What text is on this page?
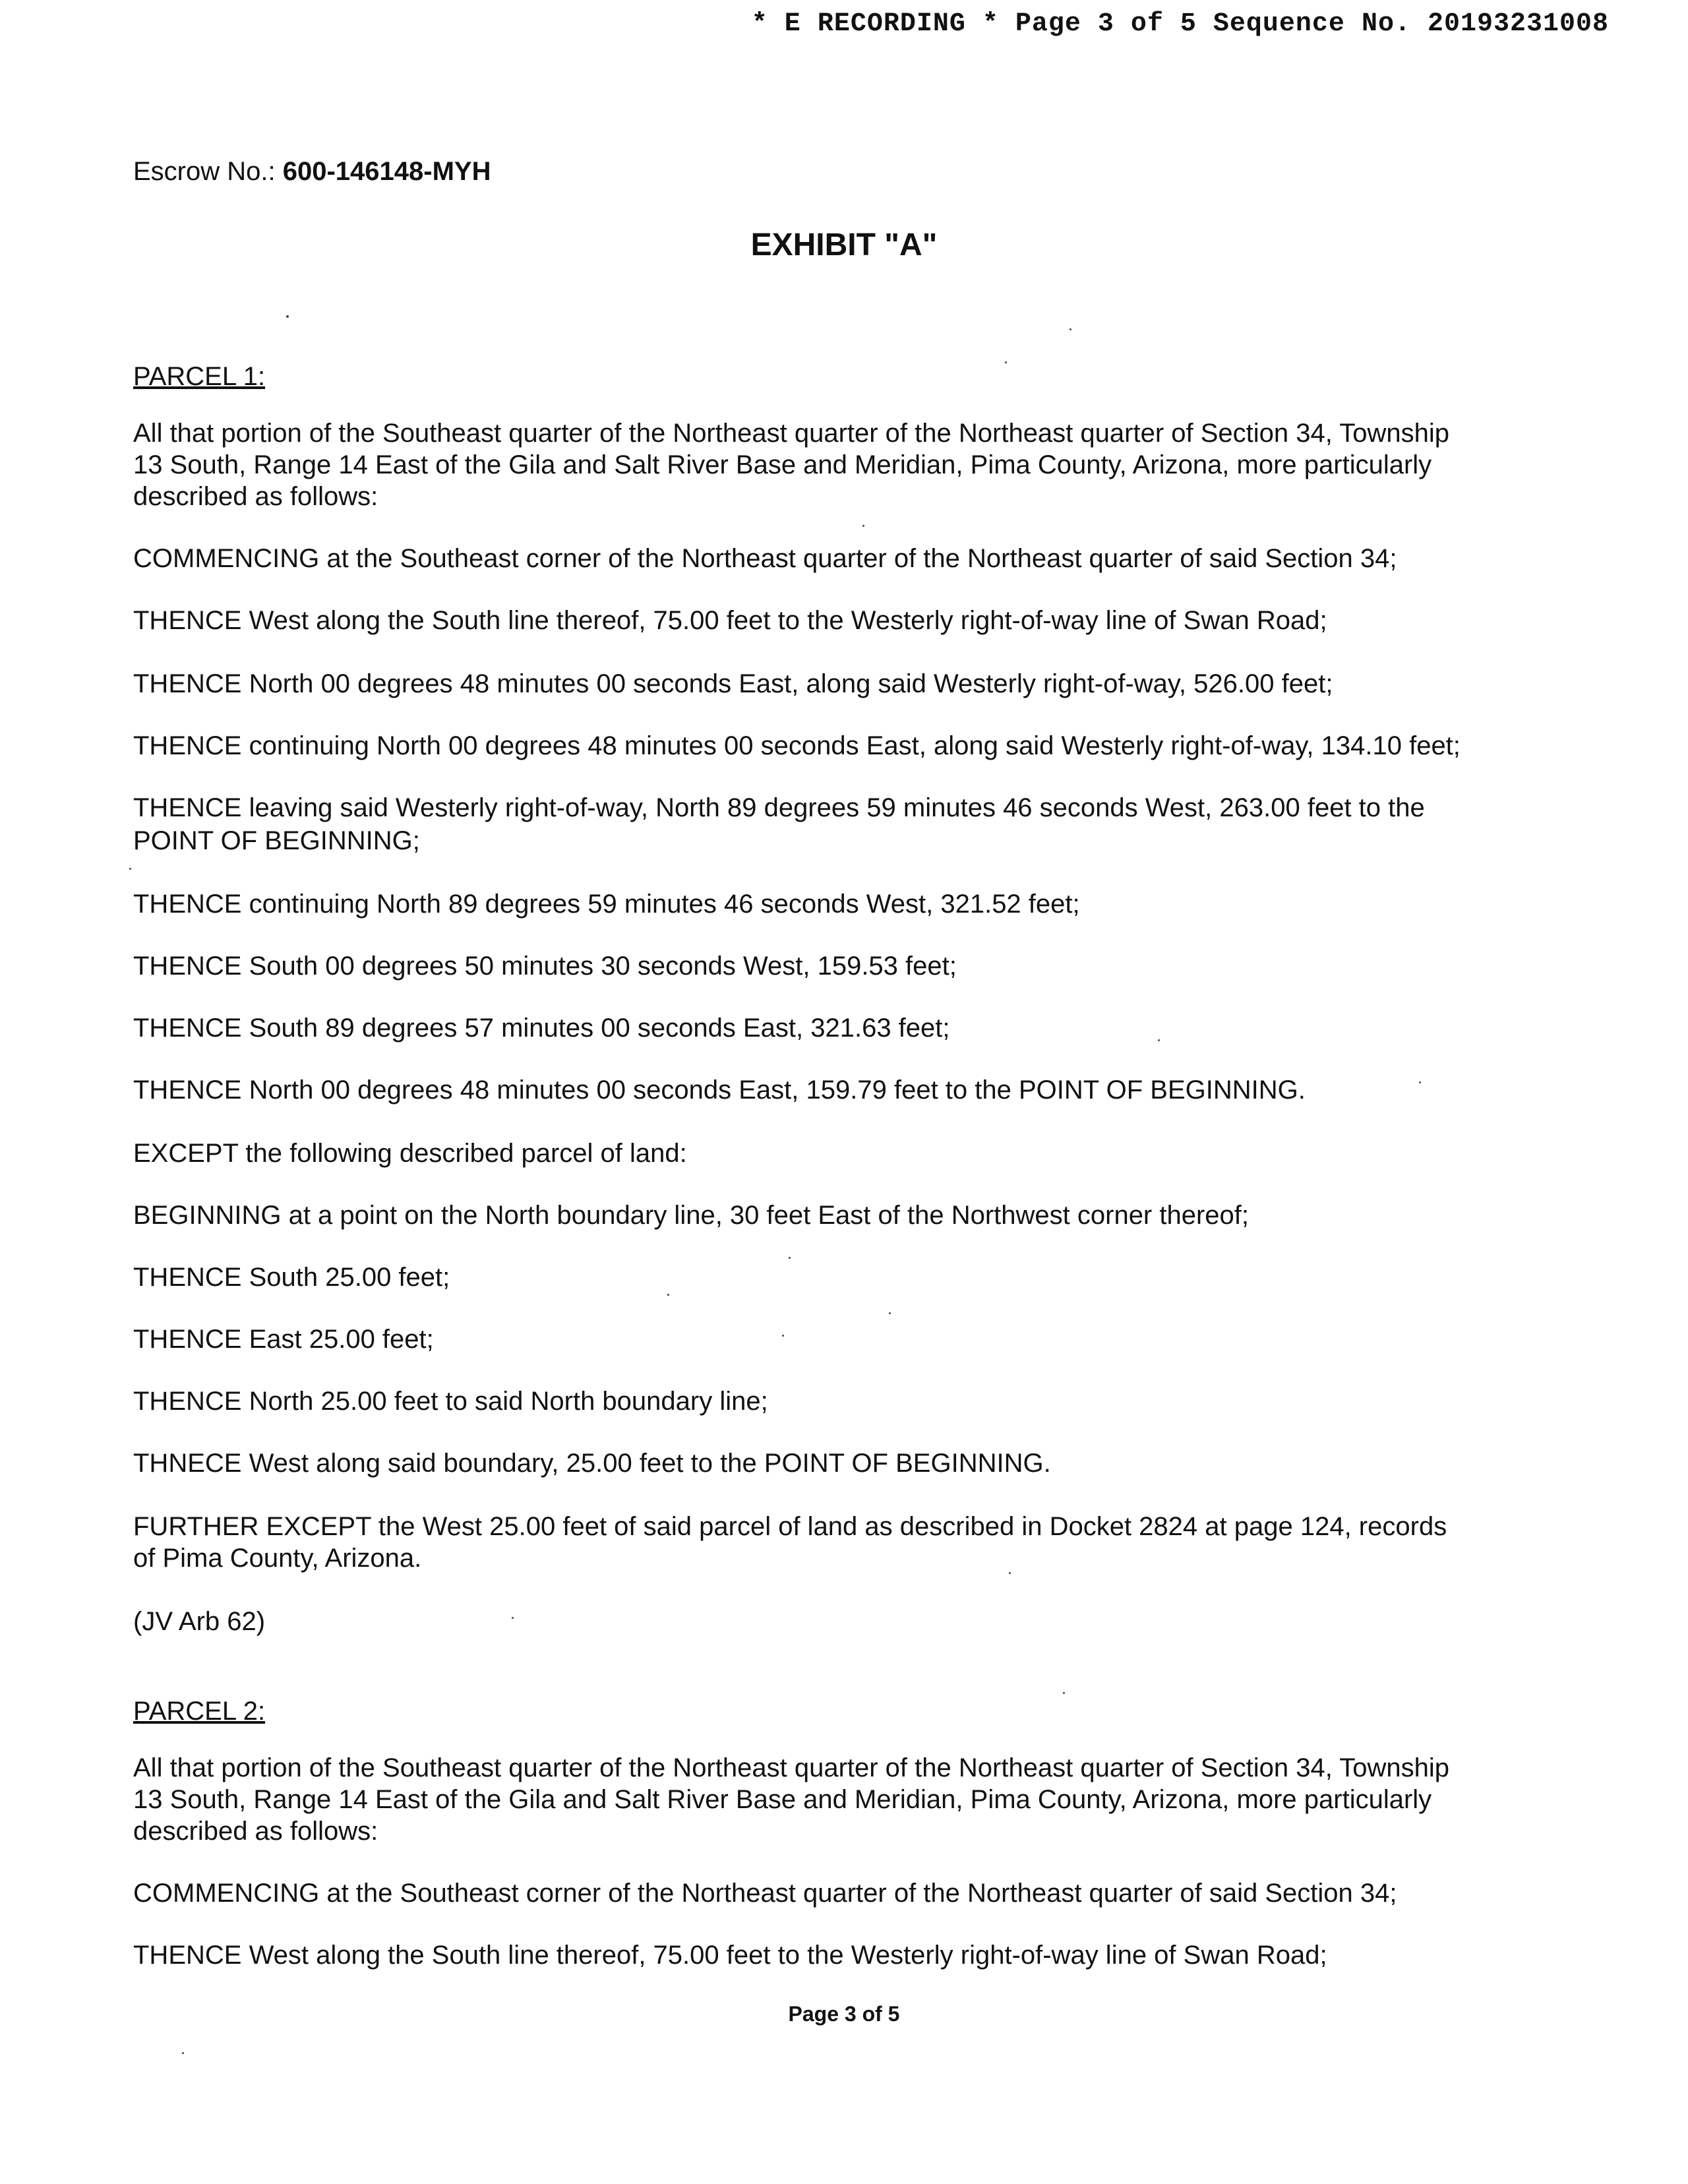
* E RECORDING * Page 3 of 5 Sequence No. 20193231008
Escrow No.: 600-146148-MYH
EXHIBIT "A"
PARCEL 1:
All that portion of the Southeast quarter of the Northeast quarter of the Northeast quarter of Section 34, Township
13 South, Range 14 East of the Gila and Salt River Base and Meridian, Pima County, Arizona, more particularly
described as follows:
COMMENCING at the Southeast corner of the Northeast quarter of the Northeast quarter of said Section 34;
THENCE West along the South line thereof, 75.00 feet to the Westerly right-of-way line of Swan Road;
THENCE North 00 degrees 48 minutes 00 seconds East, along said Westerly right-of-way, 526.00 feet;
THENCE continuing North 00 degrees 48 minutes 00 seconds East, along said Westerly right-of-way, 134.10 feet;
THENCE leaving said Westerly right-of-way, North 89 degrees 59 minutes 46 seconds West, 263.00 feet to the
POINT OF BEGINNING;
THENCE continuing North 89 degrees 59 minutes 46 seconds West, 321.52 feet;
THENCE South 00 degrees 50 minutes 30 seconds West, 159.53 feet;
THENCE South 89 degrees 57 minutes 00 seconds East, 321.63 feet;
THENCE North 00 degrees 48 minutes 00 seconds East, 159.79 feet to the POINT OF BEGINNING.
EXCEPT the following described parcel of land:
BEGINNING at a point on the North boundary line, 30 feet East of the Northwest corner thereof;
THENCE South 25.00 feet;
THENCE East 25.00 feet;
THENCE North 25.00 feet to said North boundary line;
THNECE West along said boundary, 25.00 feet to the POINT OF BEGINNING.
FURTHER EXCEPT the West 25.00 feet of said parcel of land as described in Docket 2824 at page 124, records
of Pima County, Arizona.
(JV Arb 62)
PARCEL 2:
All that portion of the Southeast quarter of the Northeast quarter of the Northeast quarter of Section 34, Township
13 South, Range 14 East of the Gila and Salt River Base and Meridian, Pima County, Arizona, more particularly
described as follows:
COMMENCING at the Southeast corner of the Northeast quarter of the Northeast quarter of said Section 34;
THENCE West along the South line thereof, 75.00 feet to the Westerly right-of-way line of Swan Road;
Page 3 of 5
